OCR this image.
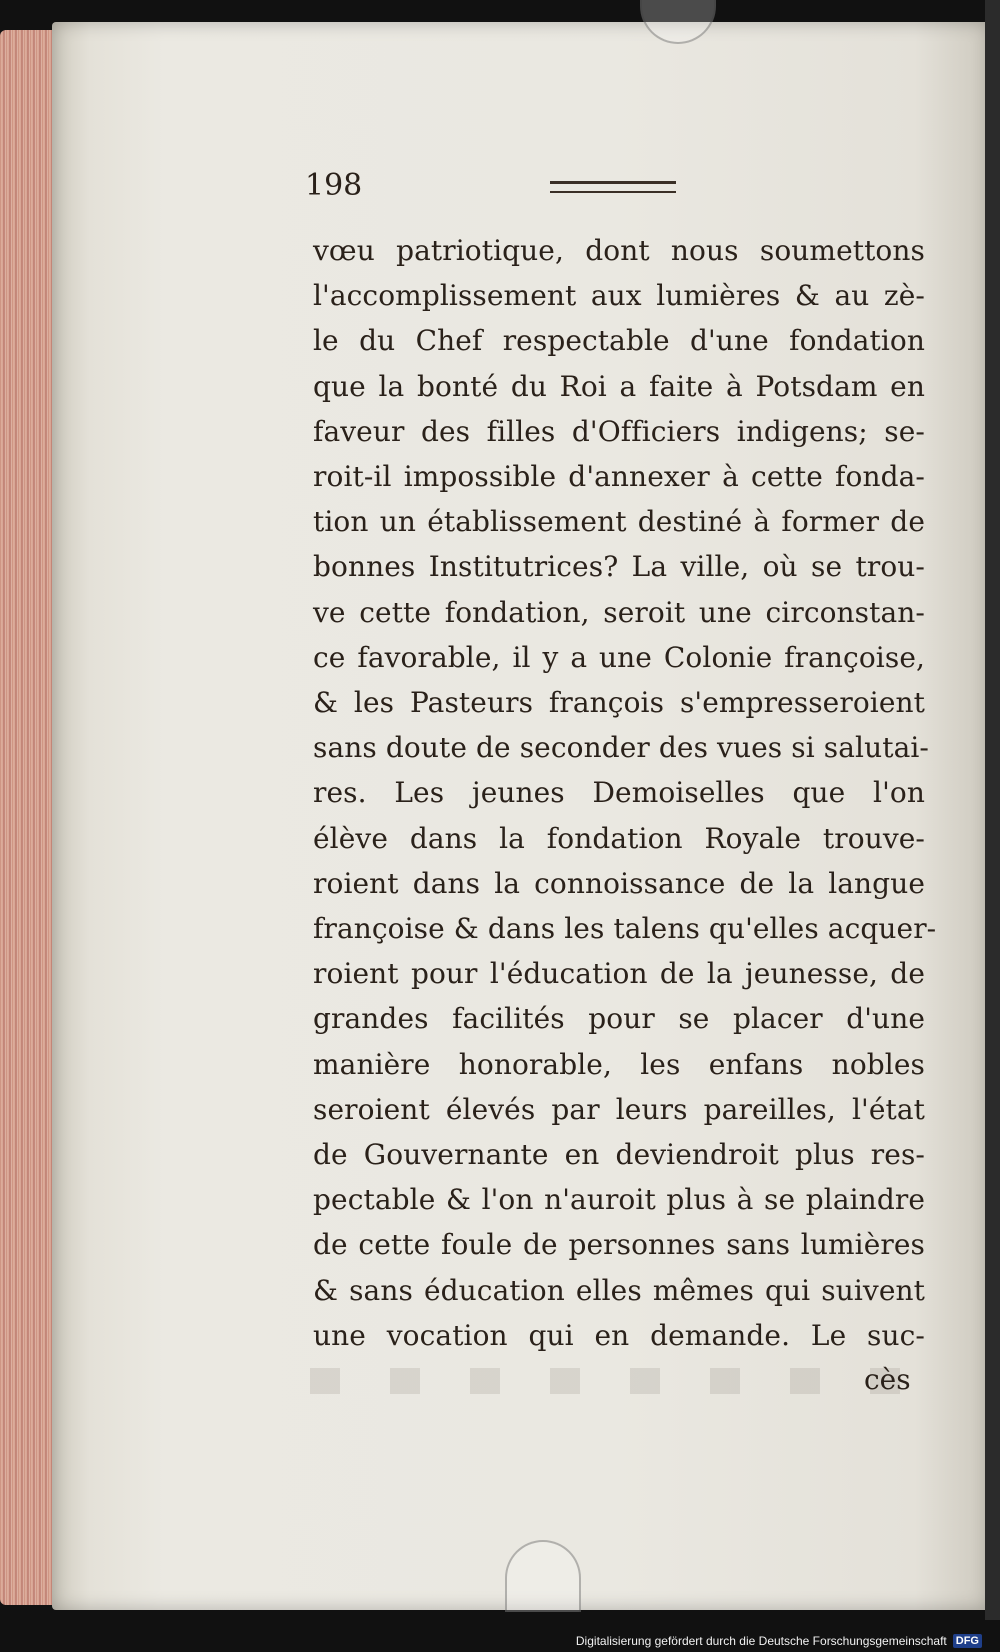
198
vœu patriotique, dont nous soumettons
l'accomplissement aux lumières & au zè-
le du Chef respectable d'une fondation
que la bonté du Roi a faite à Potsdam en
faveur des filles d'Officiers indigens; se-
roit-il impossible d'annexer à cette fonda-
tion un établissement destiné à former de
bonnes Institutrices? La ville, où se trou-
ve cette fondation, seroit une circonstan-
ce favorable, il y a une Colonie françoise,
& les Pasteurs françois s'empresseroient
sans doute de seconder des vues si salutai-
res. Les jeunes Demoiselles que l'on
élève dans la fondation Royale trouve-
roient dans la connoissance de la langue
françoise & dans les talens qu'elles acquer-
roient pour l'éducation de la jeunesse, de
grandes facilités pour se placer d'une
manière honorable, les enfans nobles
seroient élevés par leurs pareilles, l'état
de Gouvernante en deviendroit plus res-
pectable & l'on n'auroit plus à se plaindre
de cette foule de personnes sans lumières
& sans éducation elles mêmes qui suivent
une vocation qui en demande. Le suc-
cès
Digitalisierung gefördert durch die Deutsche Forschungsgemeinschaft DFG
